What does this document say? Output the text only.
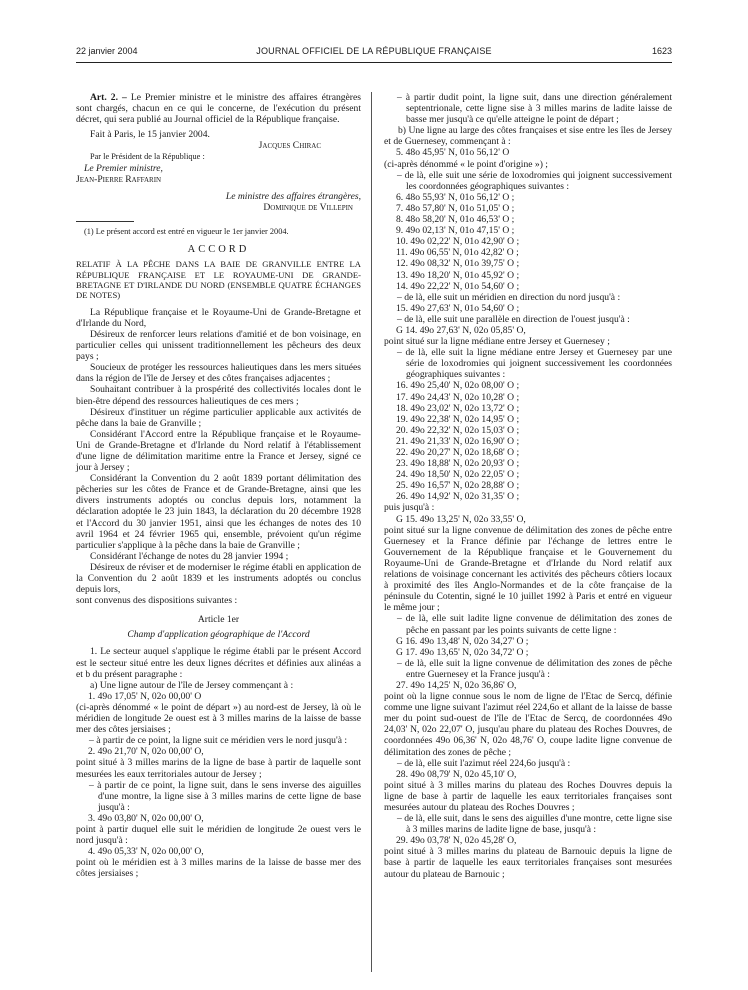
22 janvier 2004	JOURNAL OFFICIEL DE LA RÉPUBLIQUE FRANÇAISE	1623

Art. 2. – Le Premier ministre et le ministre des affaires étrangères sont chargés, chacun en ce qui le concerne, de l'exécution du présent décret, qui sera publié au Journal officiel de la République française.

Fait à Paris, le 15 janvier 2004.

Jacques Chirac

Par le Président de la République :

Le Premier ministre,

Jean-Pierre Raffarin

Le ministre des affaires étrangères,

Dominique de Villepin

(1) Le présent accord est entré en vigueur le 1er janvier 2004.

ACCORD

RELATIF À LA PÊCHE DANS LA BAIE DE GRANVILLE ENTRE LA RÉPUBLIQUE FRANÇAISE ET LE ROYAUME-UNI DE GRANDE-BRETAGNE ET D'IRLANDE DU NORD (ENSEMBLE QUATRE ÉCHANGES DE NOTES)

La République française et le Royaume-Uni de Grande-Bretagne et d'Irlande du Nord,

Désireux de renforcer leurs relations d'amitié et de bon voisinage, en particulier celles qui unissent traditionnellement les pêcheurs des deux pays ;

Soucieux de protéger les ressources halieutiques dans les mers situées dans la région de l'île de Jersey et des côtes françaises adjacentes ;

Souhaitant contribuer à la prospérité des collectivités locales dont le bien-être dépend des ressources halieutiques de ces mers ;

Désireux d'instituer un régime particulier applicable aux activités de pêche dans la baie de Granville ;

Considérant l'Accord entre la République française et le Royaume-Uni de Grande-Bretagne et d'Irlande du Nord relatif à l'établissement d'une ligne de délimitation maritime entre la France et Jersey, signé ce jour à Jersey ;

Considérant la Convention du 2 août 1839 portant délimitation des pêcheries sur les côtes de France et de Grande-Bretagne, ainsi que les divers instruments adoptés ou conclus depuis lors, notamment la déclaration adoptée le 23 juin 1843, la déclaration du 20 décembre 1928 et l'Accord du 30 janvier 1951, ainsi que les échanges de notes des 10 avril 1964 et 24 février 1965 qui, ensemble, prévoient qu'un régime particulier s'applique à la pêche dans la baie de Granville ;

Considérant l'échange de notes du 28 janvier 1994 ;

Désireux de réviser et de moderniser le régime établi en application de la Convention du 2 août 1839 et les instruments adoptés ou conclus depuis lors,

sont convenus des dispositions suivantes :

Article 1er

Champ d'application géographique de l'Accord

1. Le secteur auquel s'applique le régime établi par le présent Accord est le secteur situé entre les deux lignes décrites et définies aux alinéas a et b du présent paragraphe :

a) Une ligne autour de l'île de Jersey commençant à :

1. 49o 17,05' N, 02o 00,00' O

(ci-après dénommé « le point de départ ») au nord-est de Jersey, là où le méridien de longitude 2e ouest est à 3 milles marins de la laisse de basse mer des côtes jersiaises ;

– à partir de ce point, la ligne suit ce méridien vers le nord jusqu'à :

2. 49o 21,70' N, 02o 00,00' O,

point situé à 3 milles marins de la ligne de base à partir de laquelle sont mesurées les eaux territoriales autour de Jersey ;

– à partir de ce point, la ligne suit, dans le sens inverse des aiguilles d'une montre, la ligne sise à 3 milles marins de cette ligne de base jusqu'à :

3. 49o 03,80' N, 02o 00,00' O,

point à partir duquel elle suit le méridien de longitude 2e ouest vers le nord jusqu'à :

4. 49o 05,33' N, 02o 00,00' O,

point où le méridien est à 3 milles marins de la laisse de basse mer des côtes jersiaises ;

– à partir dudit point, la ligne suit, dans une direction généralement septentrionale, cette ligne sise à 3 milles marins de ladite laisse de basse mer jusqu'à ce qu'elle atteigne le point de départ ;

b) Une ligne au large des côtes françaises et sise entre les îles de Jersey et de Guernesey, commençant à :

5. 48o 45,95' N, 01o 56,12' O

(ci-après dénommé « le point d'origine ») ;

– de là, elle suit une série de loxodromies qui joignent successivement les coordonnées géographiques suivantes :

6. 48o 55,93' N, 01o 56,12' O ;

7. 48o 57,80' N, 01o 51,05' O ;

8. 48o 58,20' N, 01o 46,53' O ;

9. 49o 02,13' N, 01o 47,15' O ;

10. 49o 02,22' N, 01o 42,90' O ;

11. 49o 06,55' N, 01o 42,82' O ;

12. 49o 08,32' N, 01o 39,75' O ;

13. 49o 18,20' N, 01o 45,92' O ;

14. 49o 22,22' N, 01o 54,60' O ;

– de là, elle suit un méridien en direction du nord jusqu'à :

15. 49o 27,63' N, 01o 54,60' O ;

– de là, elle suit une parallèle en direction de l'ouest jusqu'à :

G 14. 49o 27,63' N, 02o 05,85' O,

point situé sur la ligne médiane entre Jersey et Guernesey ;

– de là, elle suit la ligne médiane entre Jersey et Guernesey par une série de loxodromies qui joignent successivement les coordonnées géographiques suivantes :

16. 49o 25,40' N, 02o 08,00' O ;

17. 49o 24,43' N, 02o 10,28' O ;

18. 49o 23,02' N, 02o 13,72' O ;

19. 49o 22,38' N, 02o 14,95' O ;

20. 49o 22,32' N, 02o 15,03' O ;

21. 49o 21,33' N, 02o 16,90' O ;

22. 49o 20,27' N, 02o 18,68' O ;

23. 49o 18,88' N, 02o 20,93' O ;

24. 49o 18,50' N, 02o 22,05' O ;

25. 49o 16,57' N, 02o 28,88' O ;

26. 49o 14,92' N, 02o 31,35' O ;

puis jusqu'à :

G 15. 49o 13,25' N, 02o 33,55' O,

point situé sur la ligne convenue de délimitation des zones de pêche entre Guernesey et la France définie par l'échange de lettres entre le Gouvernement de la République française et le Gouvernement du Royaume-Uni de Grande-Bretagne et d'Irlande du Nord relatif aux relations de voisinage concernant les activités des pêcheurs côtiers locaux à proximité des îles Anglo-Normandes et de la côte française de la péninsule du Cotentin, signé le 10 juillet 1992 à Paris et entré en vigueur le même jour ;

– de là, elle suit ladite ligne convenue de délimitation des zones de pêche en passant par les points suivants de cette ligne :

G 16. 49o 13,48' N, 02o 34,27' O ;

G 17. 49o 13,65' N, 02o 34,72' O ;

– de là, elle suit la ligne convenue de délimitation des zones de pêche entre Guernesey et la France jusqu'à :

27. 49o 14,25' N, 02o 36,86' O,

point où la ligne connue sous le nom de ligne de l'Etac de Sercq, définie comme une ligne suivant l'azimut réel 224,6o et allant de la laisse de basse mer du point sud-ouest de l'île de l'Etac de Sercq, de coordonnées 49o 24,03' N, 02o 22,07' O, jusqu'au phare du plateau des Roches Douvres, de coordonnées 49o 06,36' N, 02o 48,76' O, coupe ladite ligne convenue de délimitation des zones de pêche ;

– de là, elle suit l'azimut réel 224,6o jusqu'à :

28. 49o 08,79' N, 02o 45,10' O,

point situé à 3 milles marins du plateau des Roches Douvres depuis la ligne de base à partir de laquelle les eaux territoriales françaises sont mesurées autour du plateau des Roches Douvres ;

– de là, elle suit, dans le sens des aiguilles d'une montre, cette ligne sise à 3 milles marins de ladite ligne de base, jusqu'à :

29. 49o 03,78' N, 02o 45,28' O,

point situé à 3 milles marins du plateau de Barnouic depuis la ligne de base à partir de laquelle les eaux territoriales françaises sont mesurées autour du plateau de Barnouic ;
